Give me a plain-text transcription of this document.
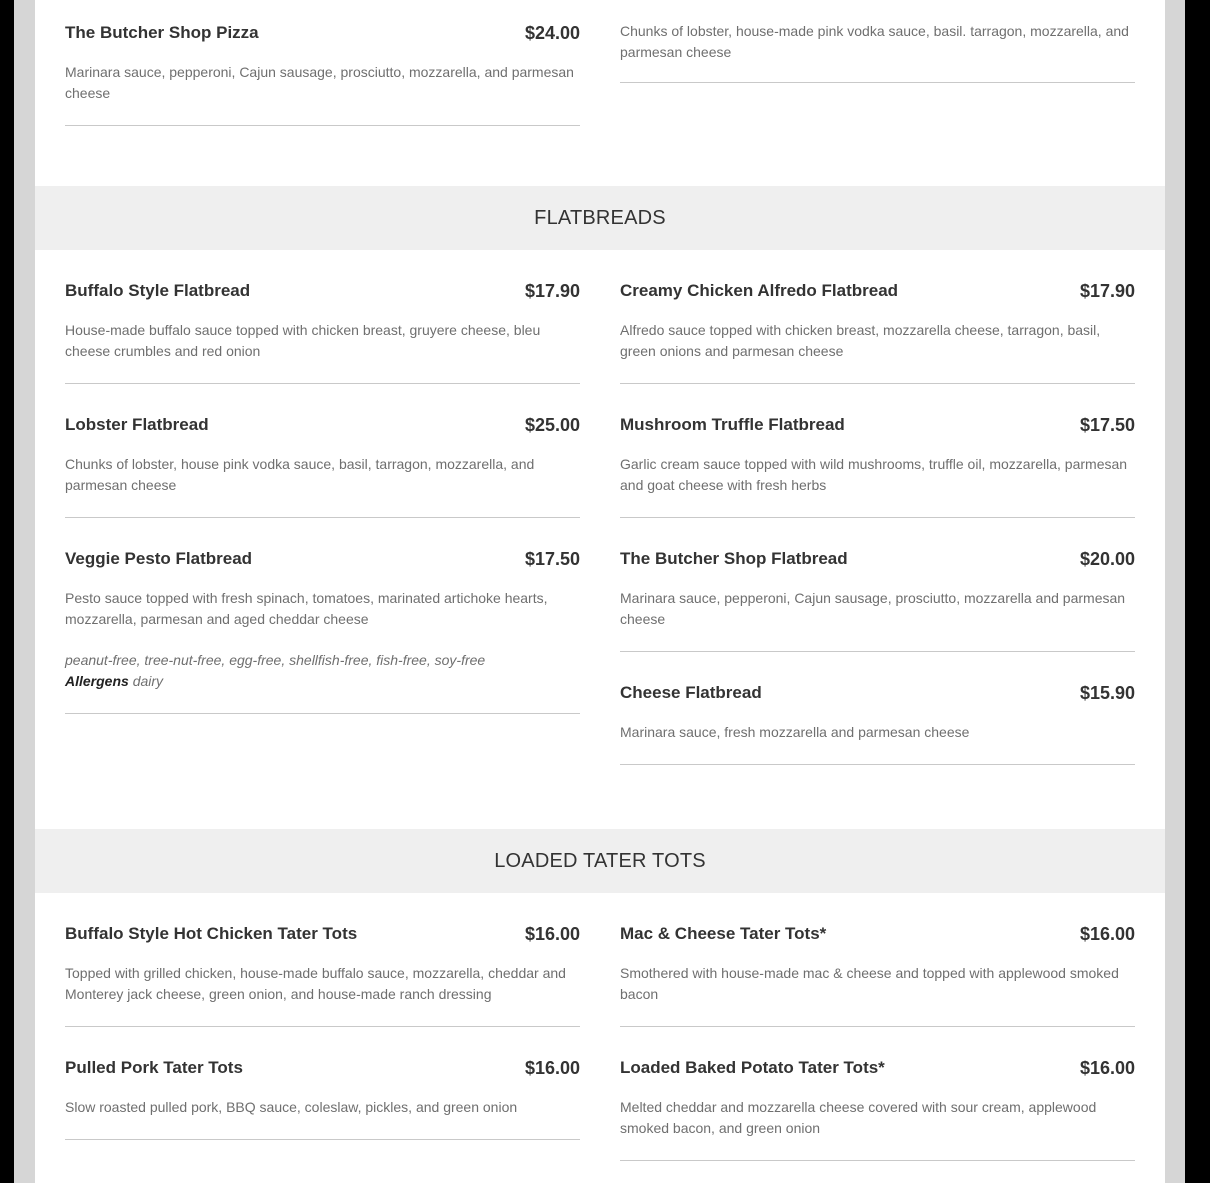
The Butcher Shop Pizza	$24.00
Marinara sauce, pepperoni, Cajun sausage, prosciutto, mozzarella, and parmesan cheese
Chunks of lobster, house-made pink vodka sauce, basil. tarragon, mozzarella, and parmesan cheese
FLATBREADS
Buffalo Style Flatbread	$17.90
House-made buffalo sauce topped with chicken breast, gruyere cheese, bleu cheese crumbles and red onion
Creamy Chicken Alfredo Flatbread	$17.90
Alfredo sauce topped with chicken breast, mozzarella cheese, tarragon, basil, green onions and parmesan cheese
Lobster Flatbread	$25.00
Chunks of lobster, house pink vodka sauce, basil, tarragon, mozzarella, and parmesan cheese
Mushroom Truffle Flatbread	$17.50
Garlic cream sauce topped with wild mushrooms, truffle oil, mozzarella, parmesan and goat cheese with fresh herbs
Veggie Pesto Flatbread	$17.50
Pesto sauce topped with fresh spinach, tomatoes, marinated artichoke hearts, mozzarella, parmesan and aged cheddar cheese
peanut-free, tree-nut-free, egg-free, shellfish-free, fish-free, soy-free
Allergens dairy
The Butcher Shop Flatbread	$20.00
Marinara sauce, pepperoni, Cajun sausage, prosciutto, mozzarella and parmesan cheese
Cheese Flatbread	$15.90
Marinara sauce, fresh mozzarella and parmesan cheese
LOADED TATER TOTS
Buffalo Style Hot Chicken Tater Tots	$16.00
Topped with grilled chicken, house-made buffalo sauce, mozzarella, cheddar and Monterey jack cheese, green onion, and house-made ranch dressing
Mac & Cheese Tater Tots*	$16.00
Smothered with house-made mac & cheese and topped with applewood smoked bacon
Pulled Pork Tater Tots	$16.00
Slow roasted pulled pork, BBQ sauce, coleslaw, pickles, and green onion
Loaded Baked Potato Tater Tots*	$16.00
Melted cheddar and mozzarella cheese covered with sour cream, applewood smoked bacon, and green onion
